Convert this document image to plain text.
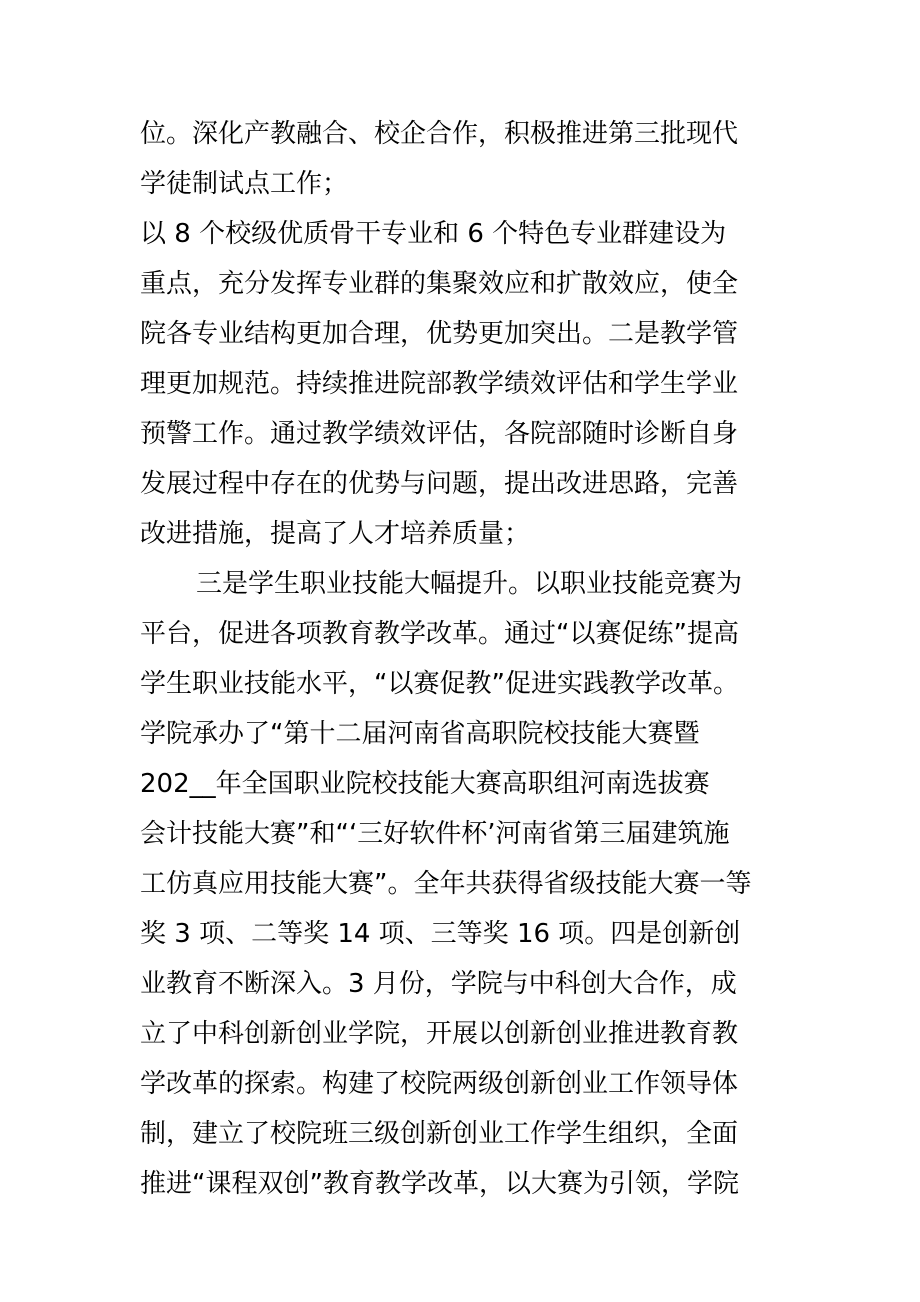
位。深化产教融合、校企合作，积极推进第三批现代
学徒制试点工作；
以 8 个校级优质骨干专业和 6 个特色专业群建设为
重点，充分发挥专业群的集聚效应和扩散效应，使全
院各专业结构更加合理，优势更加突出。二是教学管
理更加规范。持续推进院部教学绩效评估和学生学业
预警工作。通过教学绩效评估，各院部随时诊断自身
发展过程中存在的优势与问题，提出改进思路，完善
改进措施，提高了人才培养质量；
三是学生职业技能大幅提升。以职业技能竞赛为
平台，促进各项教育教学改革。通过“以赛促练”提高
学生职业技能水平，“以赛促教”促进实践教学改革。
学院承办了“第十二届河南省高职院校技能大赛暨
202__年全国职业院校技能大赛高职组河南选拔赛
会计技能大赛”和“‘三好软件杯’河南省第三届建筑施
工仿真应用技能大赛”。全年共获得省级技能大赛一等
奖 3 项、二等奖 14 项、三等奖 16 项。四是创新创
业教育不断深入。3 月份，学院与中科创大合作，成
立了中科创新创业学院，开展以创新创业推进教育教
学改革的探索。构建了校院两级创新创业工作领导体
制，建立了校院班三级创新创业工作学生组织，全面
推进“课程双创”教育教学改革，以大赛为引领，学院
